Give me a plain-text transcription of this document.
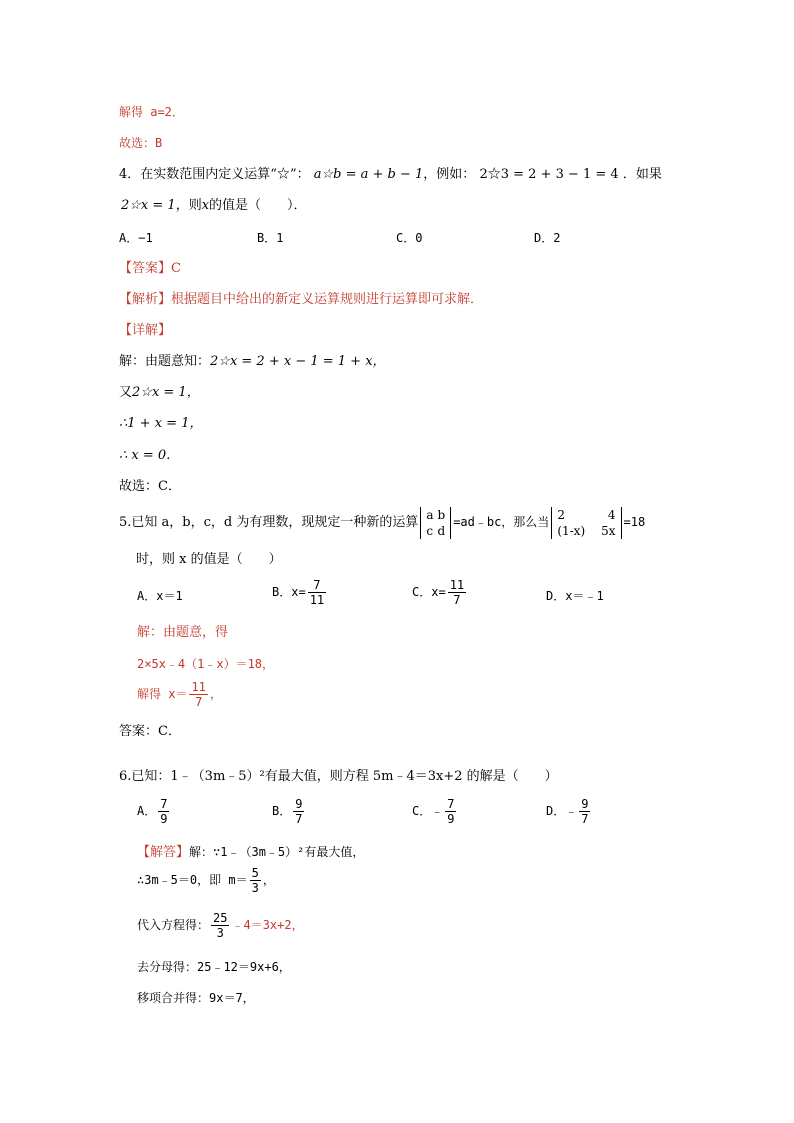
解得 a=2．
故选：B
4．在实数范围内定义运算“☆”： a☆b = a + b − 1，例如： 2☆3 = 2 + 3 − 1 = 4 ．如果
2☆x = 1，则x的值是（　　）．
A．−1	B．1	C．0	D．2
【答案】C
【解析】根据题目中给出的新定义运算规则进行运算即可求解．
【详解】
解：由题意知：2☆x = 2 + x − 1 = 1 + x，
又2☆x = 1，
∴1 + x = 1，
∴ x = 0．
故选：C．
5.已知 a，b，c，d 为有理数，现规定一种新的运算
a	b
c	d
=ad﹣bc，那么当
2	4
(1-x)	5x
=18
时，则 x 的值是（　　）
A．x＝1	B．$x= \frac{7}{11}$	C．$x= \frac{11}{7}$	D．x＝﹣1
解：由题意，得
2×5x﹣4（1﹣x）＝18，
解得 $x= \frac{11}{7}$ ，
答案：C．
6.已知：1﹣（3m﹣5）²有最大值，则方程 5m﹣4＝3x+2 的解是（　　）
A． $\frac{7}{9}$	B． $\frac{9}{7}$	C．﹣ $\frac{7}{9}$	D．﹣ $\frac{9}{7}$
【解答】解：∵1﹣（3m﹣5）²有最大值，
∴3m﹣5＝0，即 $m= \frac{5}{3}$ ，
代入方程得： $\frac{25}{3}$ ﹣4＝3x+2，
去分母得：25﹣12＝9x+6，
移项合并得：9x＝7，
